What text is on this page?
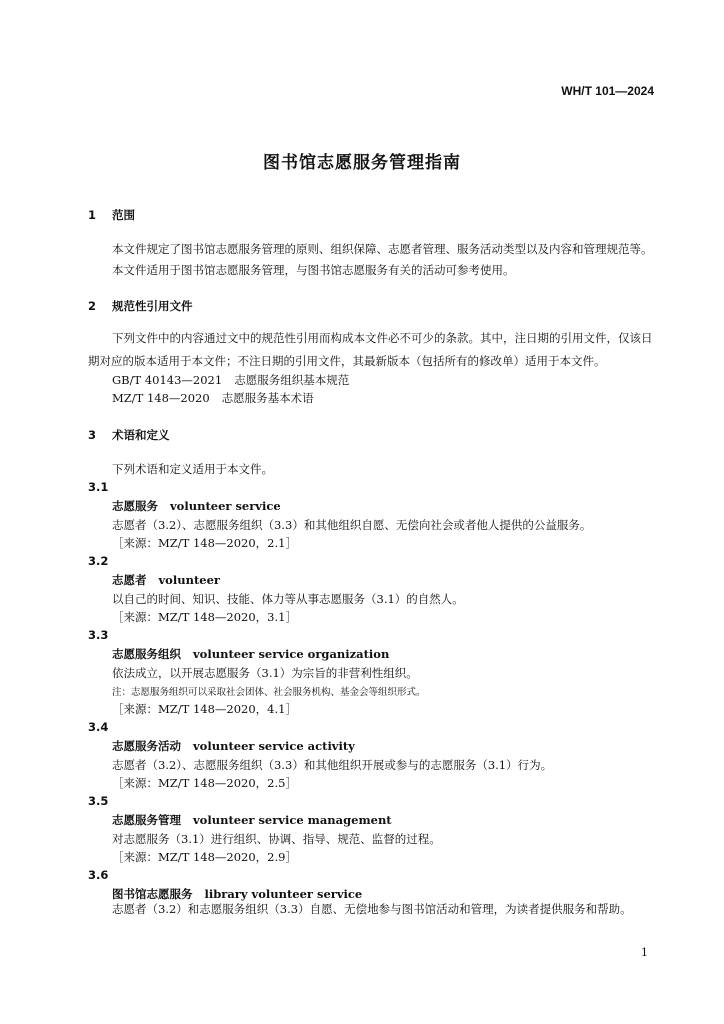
WH/T 101—2024
图书馆志愿服务管理指南
1 范围
本文件规定了图书馆志愿服务管理的原则、组织保障、志愿者管理、服务活动类型以及内容和管理规范等。
本文件适用于图书馆志愿服务管理，与图书馆志愿服务有关的活动可参考使用。
2 规范性引用文件
下列文件中的内容通过文中的规范性引用而构成本文件必不可少的条款。其中，注日期的引用文件，仅该日期对应的版本适用于本文件；不注日期的引用文件，其最新版本（包括所有的修改单）适用于本文件。
GB/T 40143—2021 志愿服务组织基本规范
MZ/T 148—2020 志愿服务基本术语
3 术语和定义
下列术语和定义适用于本文件。
3.1
志愿服务 volunteer service
志愿者（3.2）、志愿服务组织（3.3）和其他组织自愿、无偿向社会或者他人提供的公益服务。
［来源：MZ/T 148—2020，2.1］
3.2
志愿者 volunteer
以自己的时间、知识、技能、体力等从事志愿服务（3.1）的自然人。
［来源：MZ/T 148—2020，3.1］
3.3
志愿服务组织 volunteer service organization
依法成立，以开展志愿服务（3.1）为宗旨的非营利性组织。
注：志愿服务组织可以采取社会团体、社会服务机构、基金会等组织形式。
［来源：MZ/T 148—2020，4.1］
3.4
志愿服务活动 volunteer service activity
志愿者（3.2）、志愿服务组织（3.3）和其他组织开展或参与的志愿服务（3.1）行为。
［来源：MZ/T 148—2020，2.5］
3.5
志愿服务管理 volunteer service management
对志愿服务（3.1）进行组织、协调、指导、规范、监督的过程。
［来源：MZ/T 148—2020，2.9］
3.6
图书馆志愿服务 library volunteer service
志愿者（3.2）和志愿服务组织（3.3）自愿、无偿地参与图书馆活动和管理，为读者提供服务和帮助。
1
